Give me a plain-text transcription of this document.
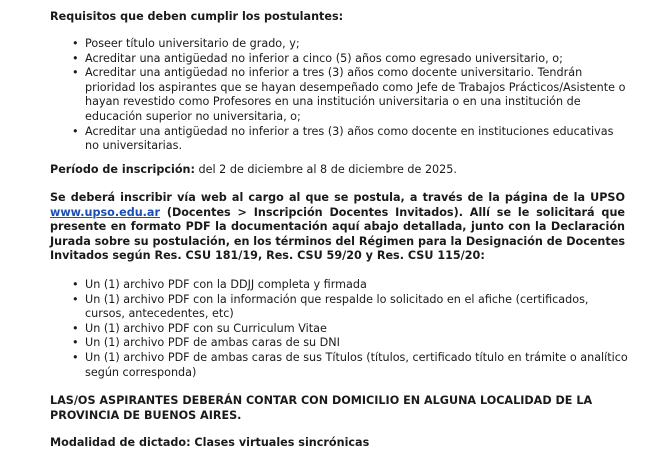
Requisitos que deben cumplir los postulantes:

• Poseer título universitario de grado, y;
• Acreditar una antigüedad no inferior a cinco (5) años como egresado universitario, o;
• Acreditar una antigüedad no inferior a tres (3) años como docente universitario. Tendrán prioridad los aspirantes que se hayan desempeñado como Jefe de Trabajos Prácticos/Asistente o hayan revestido como Profesores en una institución universitaria o en una institución de educación superior no universitaria, o;
• Acreditar una antigüedad no inferior a tres (3) años como docente en instituciones educativas no universitarias.

Período de inscripción: del 2 de diciembre al 8 de diciembre de 2025.

Se deberá inscribir vía web al cargo al que se postula, a través de la página de la UPSO www.upso.edu.ar (Docentes > Inscripción Docentes Invitados). Allí se le solicitará que presente en formato PDF la documentación aquí abajo detallada, junto con la Declaración Jurada sobre su postulación, en los términos del Régimen para la Designación de Docentes Invitados según Res. CSU 181/19, Res. CSU 59/20 y Res. CSU 115/20:

• Un (1) archivo PDF con la DDJJ completa y firmada
• Un (1) archivo PDF con la información que respalde lo solicitado en el afiche (certificados, cursos, antecedentes, etc)
• Un (1) archivo PDF con su Curriculum Vitae
• Un (1) archivo PDF de ambas caras de su DNI
• Un (1) archivo PDF de ambas caras de sus Títulos (títulos, certificado título en trámite o analítico según corresponda)

LAS/OS ASPIRANTES DEBERÁN CONTAR CON DOMICILIO EN ALGUNA LOCALIDAD DE LA PROVINCIA DE BUENOS AIRES.

Modalidad de dictado: Clases virtuales sincrónicas
